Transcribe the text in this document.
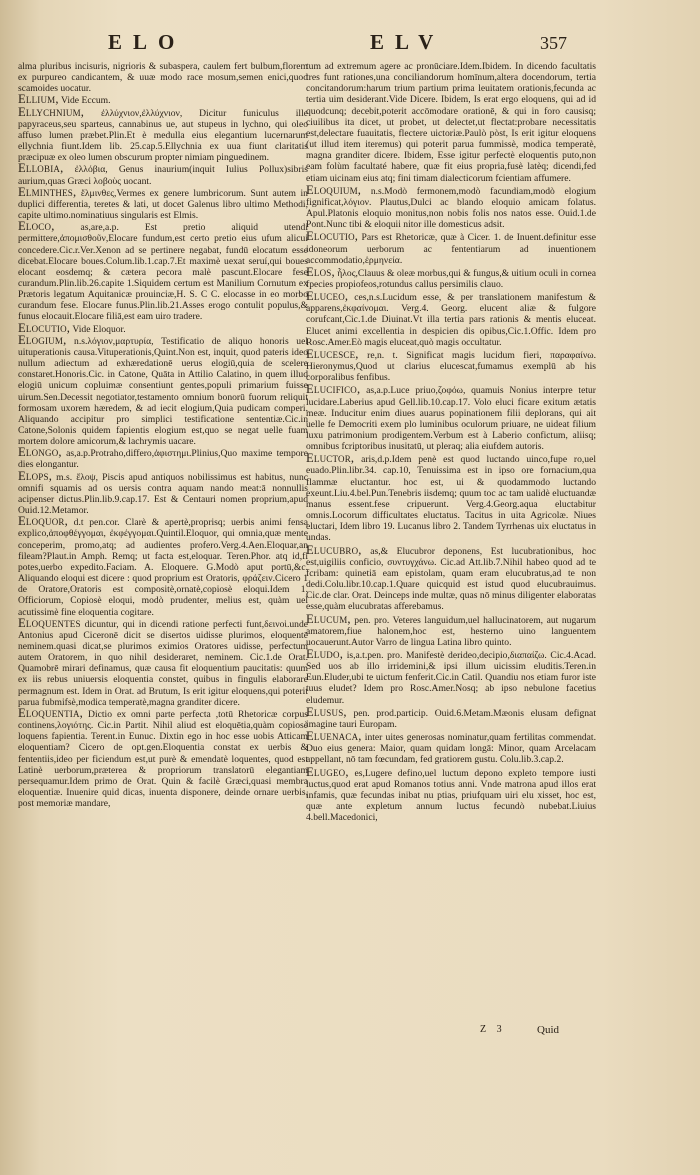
ELO	ELV	357

alma pluribus incisuris, nigrioris & subaspera, caulem fert bulbum,florem ex purpureo candicantem, & uuæ modo race mosum,semen enici,quod scamoides uocatur.

Ellium, Vide Eccum.

Ellychnium, ἐλλύχνιον,ἐλλύχνιον, Dicitur funiculus ille papyraceus,seu sparteus, cannabinus ue, aut stupeus in lychno, qui oleo affuso lumen præbet.Plin.Et è medulla eius elegantium lucernarum ellychnia fiunt.Idem lib. 25.cap.5.Ellychnia ex uua fiunt claritatis præcipuæ ex oleo lumen obscurum propter nimiam pinguedinem.

Ellobia, ἐλλόβια, Genus inaurium(inquit Iulius Pollux)sibris aurium,quas Græci λοβοὺς uocant.

Elminthes, ἕλμινθες,Vermes ex genere lumbricorum. Sunt autem in duplici differentia, teretes & lati, ut docet Galenus libro ultimo Methodi, capite ultimo.nominatiuus singularis est Elmis.

Eloco,	as,are,a.p. Est pretio aliquid utendi permittere,ἀπομισθοῦν,Elocare fundum,est certo pretio eius ufum alicui concedere.Cic.r.Ver.Xenon ad se pertinere negabat, fundū elocatum esse dicebat.Elocare boues.Colum.lib.1.cap.7.Et maximè uexat seruí,qui boues elocant eosdemq; & cætera pecora malè pascunt.Elocare fese curandum.Plin.lib.26.capite 1.Siquidem certum est Manilium Cornutum ex Prætoris legatum Aquitanicæ prouinciæ,H. S. C C. elocasse in eo morbo curandum fese. Elocare funus.Plin.lib.21.Asses erogo contulit populus,& funus elocauit.Elocare filiā,est eam uiro tradere.

Elocutio, Vide Eloquor.

Elogium, n.s.λόγιον,μαρτυρία, Testificatio de aliquo honoris uel uituperationis causa.Vituperationis,Quint.Non est, inquit, quod pateris ideo nullum adiectum ad exhæredationē uerus elogiū,quia de scelere constaret.Honoris.Cic. in Catone, Quāta in Attilio Calatino, in quem illud elogiū unicum copluimæ consentiunt gentes,populi primarium fuisse uirum.Sen.Decessit negotiator,testamento omnium bonorū fuorum reliquit formosam uxorem hæredem, & ad iecit elogium,Quia pudicam comperi. Aliquando accipitur pro simplici testificatione sententiæ.Cic.in Catone,Solonis quidem fapientis elogium est,quo se negat uelle fuam mortem dolore amicorum,& lachrymis uacare.

Elongo, as,a.p.Protraho,differo,ἀφιστημι.Plinius,Quo maxime tempore dies elongantur.

Elops, m.s. ἔλοψ, Piscis apud antiquos nobilissimus est habitus, nunc omnifi squamis ad os uersis contra aquam nando meat:ā nonnullis acipenser dictus.Plin.lib.9.cap.17. Est & Centauri nomen proprium,apud Ouid.12.Metamor.

Eloquor, d.t pen.cor. Clarè & apertè,proprisq; uerbis animi fensa explico,ἀποφθέγγομαι, ἐκφέγγομαι.Quintil.Eloquor, qui omnia,quæ mente conceperim, promo,atq; ad audientes profero.Verg.4.Aen.Eloquar,an fileam?Plaut.in Amph. Remq; ut facta est,eloquar. Teren.Phor. atq id,fi potes,uerbo expedito.Faciam. A. Eloquere. G.Modò aput portū,&c. Aliquando eloqui est dicere : quod proprium est Oratoris, φράζειν.Cicero 1 de Oratore,Oratoris est compositè,ornatè,copiosè eloqui.Idem 1. Officiorum, Copiosè eloqui, modò prudenter, melius est, quàm uel acutissimè fine eloquentia cogitare.

Eloquentes dicuntur, qui in dicendi ratione perfecti funt,δεινοὶ.unde Antonius apud Ciceronē dicit se disertos uidisse plurimos, eloquentē neminem.quasi dicat,se plurimos eximios Oratores uidisse, perfectum autem Oratorem, in quo nihil desideraret, neminem. Cic.1.de Orat. Quamobrē mirari definamus, quæ causa fit eloquentium paucitatis: quum ex iis rebus uniuersis eloquentia constet, quibus in fingulis elaborare permagnum est. Idem in Orat. ad Brutum, Is erit igitur eloquens,qui poterit parua fubmifsè,modica temperatè,magna granditer dicere.

Eloquentia, Dictio ex omni parte perfecta ,totū Rhetoricæ corpus continens,λογιότης. Cic.in Partit. Nihil aliud est eloquētia,quàm copiosè loquens fapientia. Terent.in Eunuc. Dixtin ego in hoc esse uobis Atticam eloquentiam? Cicero de opt.gen.Eloquentia constat ex uerbis & fententiis,ideo per ficiendum est,ut purè & emendatè loquentes, quod est Latinè uerborum,præterea & propriorum translatorū elegantiam persequamur.Idem primo de Orat. Quin & facilè Græci,quasi membra eloquentiæ. Inuenire quid dicas, inuenta disponere, deinde ornare uerbis, post memoriæ mandare,

tum ad extremum agere ac pronūciare.Idem.Ibidem. In dicendo facultatis tres funt rationes,una conciliandorum homīnum,altera docendorum, tertia concitandorum:harum trium partium prima leuitatem orationis,fecunda ac tertia uim desiderant.Vide Dicere. Ibidem, Is erat ergo eloquens, qui ad id quodcunq; decebit,poterit accōmodare orationē, & qui in foro causisq; ciuilibus ita dicet, ut probet, ut delectet,ut flectat:probare necessitatis est,delectare fuauitatis, flectere uictoriæ.Paulò pòst, Is erit igitur eloquens (ut illud item iteremus) qui poterit parua fummissè, modica temperatè, magna granditer dicere. Ibidem, Esse igitur perfectè eloquentis puto,non eam folùm facultaté habere, quæ fit eius propria,fusè latèq; dicendi,fed etiam uicinam eius atq; fini timam dialecticorum fcientiam affumere.

Eloquium, n.s.Modò fermonem,modò facundiam,modò elogium fignificat,λόγιον. Plautus,Dulci ac blando eloquio amicam folatus. Apul.Platonis eloquio monitus,non nobis folis nos natos esse. Ouid.1.de Pont.Nunc tibi & eloquii nitor ille domesticus adsit.

Elocutio, Pars est Rhetoricæ, quæ à Cicer. 1. de Inuent.definitur esse idoneorum uerborum ac fententiarum ad inuentionem accommodatio,ἑρμηνεία.

Elos, ἧλος,Clauus & oleæ morbus,qui & fungus,& uitium oculi in cornea fpecies propiofeos,rotundus callus persimilis clauo.

Eluceo, ces,n.s.Lucidum esse, & per translationem manifestum & apparens,ἐκφαίνομαι. Verg.4. Georg. elucent aliæ & fulgore corufcant,Cic.1.de Diuinat.Vt illa tertia pars rationis & mentis eluceat. Elucet animi excellentia in despicien dis opibus,Cic.1.Offic. Idem pro Rosc.Amer.Eò magis eluceat,quò magis occultatur.

Elucesce, re,n. t. Significat magis lucidum fieri, παραφαίνω. Hieronymus,Quod ut clarius elucescat,fumamus exemplū ab his corporalibus fenfibus.

Elucifico, as,a.p.Luce priuo,ζοφόω, quamuis Nonius interpre tetur lucidare.Laberius apud Gell.lib.10.cap.17. Volo eluci ficare exitum ætatis meæ. Inducitur enim diues auarus popinationem filii deplorans, qui ait uelle fe Democriti exem plo luminibus oculorum priuare, ne uideat filium luxu patrimonium prodigentem.Verbum est à Laberio confictum, aliisq; omnibus fcriptoribus inusitatū, ut pleraq; alia eiufdem autoris.

Eluctor, aris,d.p.Idem penè est quod luctando uinco,fupe ro,uel euado.Plin.libr.34. cap.10, Tenuissima est in ipso ore fornacium,qua flammæ eluctantur. hoc est, ui & quodammodo luctando exeunt.Liu.4.bel.Pun.Tenebris iisdemq; quum toc ac tam ualidè eluctuandæ manus essent.fese cripuerunt. Verg.4.Georg.aqua eluctabitur omnis.Locorum difficultates eluctatus. Tacitus in uita Agricolæ. Niues eluctari, Idem libro 19. Lucanus libro 2. Tandem Tyrrhenas uix eluctatus in undas.

Elucubro, as,& Elucubror deponens, Est lucubrationibus, hoc est,uigiliis conficio, συντυγχάνω. Cic.ad Att.lib.7.Nihil habeo quod ad te fcribam: quinetiā eam epistolam, quam eram elucubratus,ad te non dedi.Colu.libr.10.cap.1.Quare quicquid est istud quod elucubrauimus. Cic.de clar. Orat. Deinceps inde multæ, quas nō minus diligenter elaboratas esse,quàm elucubratas afferebamus.

Elucum, pen. pro. Veteres languidum,uel hallucinatorem, aut nugarum amatorem,fiue halonem,hoc est, hesterno uino languentem uocauerunt.Autor Varro de lingua Latina libro quinto.

Eludo, is,a.t.pen. pro. Manifestè derideo,decipio,διαπαίζω. Cic.4.Acad. Sed uos ab illo irridemini,& ipsi illum uicissim eluditis.Teren.in Eun.Eluder,ubi te uictum fenferit.Cic.in Catil. Quandiu nos etiam furor iste tuus eludet? Idem pro Rosc.Amer.Nosq; ab ipso nebulone facetius eludemur.

Elusus, pen. prod.particip. Ouid.6.Metam.Mæonis elusam defignat imagine tauri Europam.

Eluenaca, inter uites generosas nominatur,quam fertilitas commendat. Duo eius genera: Maior, quam quidam longā: Minor, quam Arcelacam appellant, nō tam fœcundam, fed gratiorem gustu. Colu.lib.3.cap.2.

Elugeo, es,Lugere defino,uel luctum depono expleto tempore iusti luctus,quod erat apud Romanos totius anni. Vnde matrona apud illos erat infamis, quæ fecundas inibat nu ptias, priufquam uiri elu xisset, hoc est, quæ ante expletum annum luctus fecundò nubebat.Liuius 4.bell.Macedonici,

Z 3	Quid
